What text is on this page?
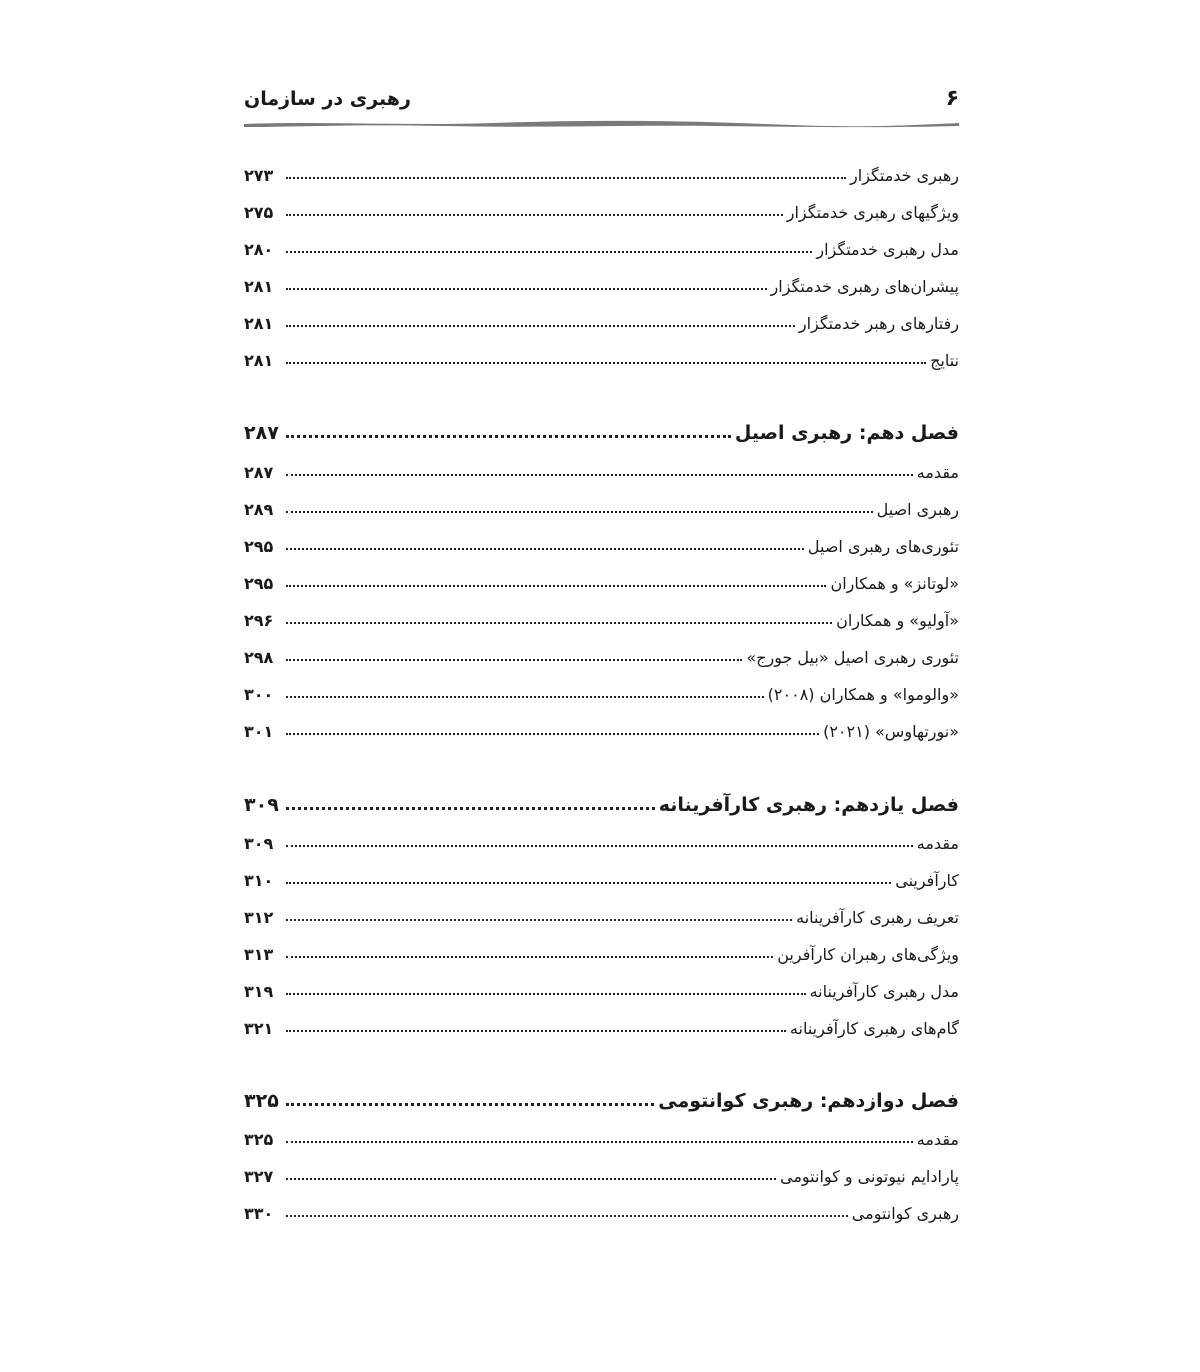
۶
رهبری در سازمان
رهبری خدمتگزار
۲۷۳
ویژگیهای رهبری خدمتگزار
۲۷۵
مدل رهبری خدمتگزار
۲۸۰
پیشران‌های رهبری خدمتگزار
۲۸۱
رفتارهای رهبر خدمتگزار
۲۸۱
نتایج
۲۸۱
فصل دهم: رهبری اصیل
۲۸۷
مقدمه
۲۸۷
رهبری اصیل
۲۸۹
تئوری‌های رهبری اصیل
۲۹۵
«لوتانز» و همکاران
۲۹۵
«آولیو» و همکاران
۲۹۶
تئوری رهبری اصیل «بیل جورج»
۲۹۸
«والوموا» و همکاران (۲۰۰۸)
۳۰۰
«نورتهاوس» (۲۰۲۱)
۳۰۱
فصل یازدهم: رهبری کارآفرینانه
۳۰۹
مقدمه
۳۰۹
کارآفرینی
۳۱۰
تعریف رهبری کارآفرینانه
۳۱۲
ویژگی‌های رهبران کارآفرین
۳۱۳
مدل رهبری کارآفرینانه
۳۱۹
گام‌های رهبری کارآفرینانه
۳۲۱
فصل دوازدهم: رهبری کوانتومی
۳۲۵
مقدمه
۳۲۵
پارادایم نیوتونی و کوانتومی
۳۲۷
رهبری کوانتومی
۳۳۰
